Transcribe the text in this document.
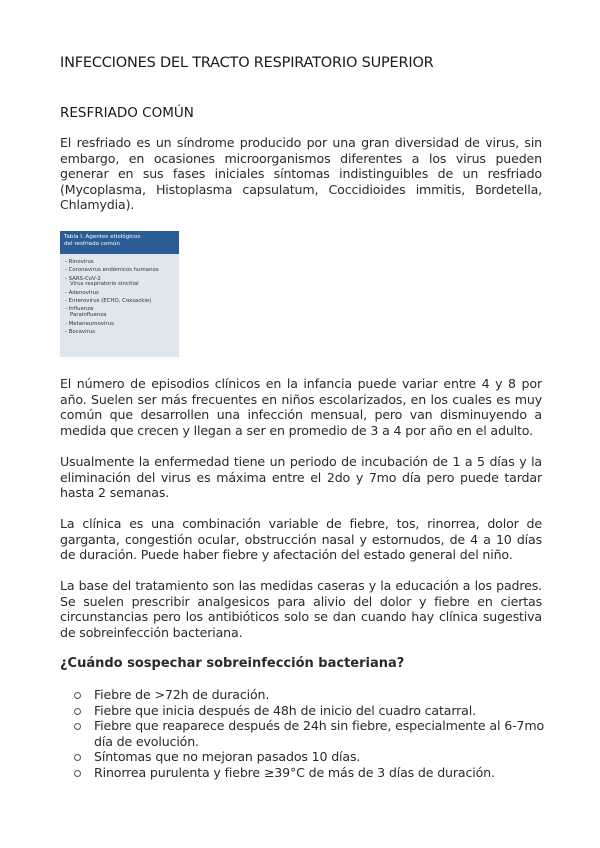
INFECCIONES DEL TRACTO RESPIRATORIO SUPERIOR
RESFRIADO COMÚN

El resfriado es un síndrome producido por una gran diversidad de virus, sin embargo, en ocasiones microorganismos diferentes a los virus pueden generar en sus fases iniciales síntomas indistinguibles de un resfriado (Mycoplasma, Histoplasma capsulatum, Coccidioides immitis, Bordetella, Chlamydia).

Tabla I. Agentes etiológicos
del resfriado común
- Rinovirus
- Coronavirus endémicos humanos
- SARS-CoV-2
Virus respiratorio sincitial
- Adenovirus
- Enterovirus (ECHO, Coxsackie)
- Influenza
Parainfluenza
- Metaneumovirus
- Bocavirus

El número de episodios clínicos en la infancia puede variar entre 4 y 8 por año. Suelen ser más frecuentes en niños escolarizados, en los cuales es muy común que desarrollen una infección mensual, pero van disminuyendo a medida que crecen y llegan a ser en promedio de 3 a 4 por año en el adulto.

Usualmente la enfermedad tiene un periodo de incubación de 1 a 5 días y la eliminación del virus es máxima entre el 2do y 7mo día pero puede tardar hasta 2 semanas.

La clínica es una combinación variable de fiebre, tos, rinorrea, dolor de garganta, congestión ocular, obstrucción nasal y estornudos, de 4 a 10 días de duración. Puede haber fiebre y afectación del estado general del niño.

La base del tratamiento son las medidas caseras y la educación a los padres. Se suelen prescribir analgesicos para alivio del dolor y fiebre en ciertas circunstancias pero los antibióticos solo se dan cuando hay clínica sugestiva de sobreinfección bacteriana.

¿Cuándo sospechar sobreinfección bacteriana?
Fiebre de >72h de duración.
Fiebre que inicia después de 48h de inicio del cuadro catarral.
Fiebre que reaparece después de 24h sin fiebre, especialmente al 6-7mo día de evolución.
Síntomas que no mejoran pasados 10 días.
Rinorrea purulenta y fiebre ≥39°C de más de 3 días de duración.
